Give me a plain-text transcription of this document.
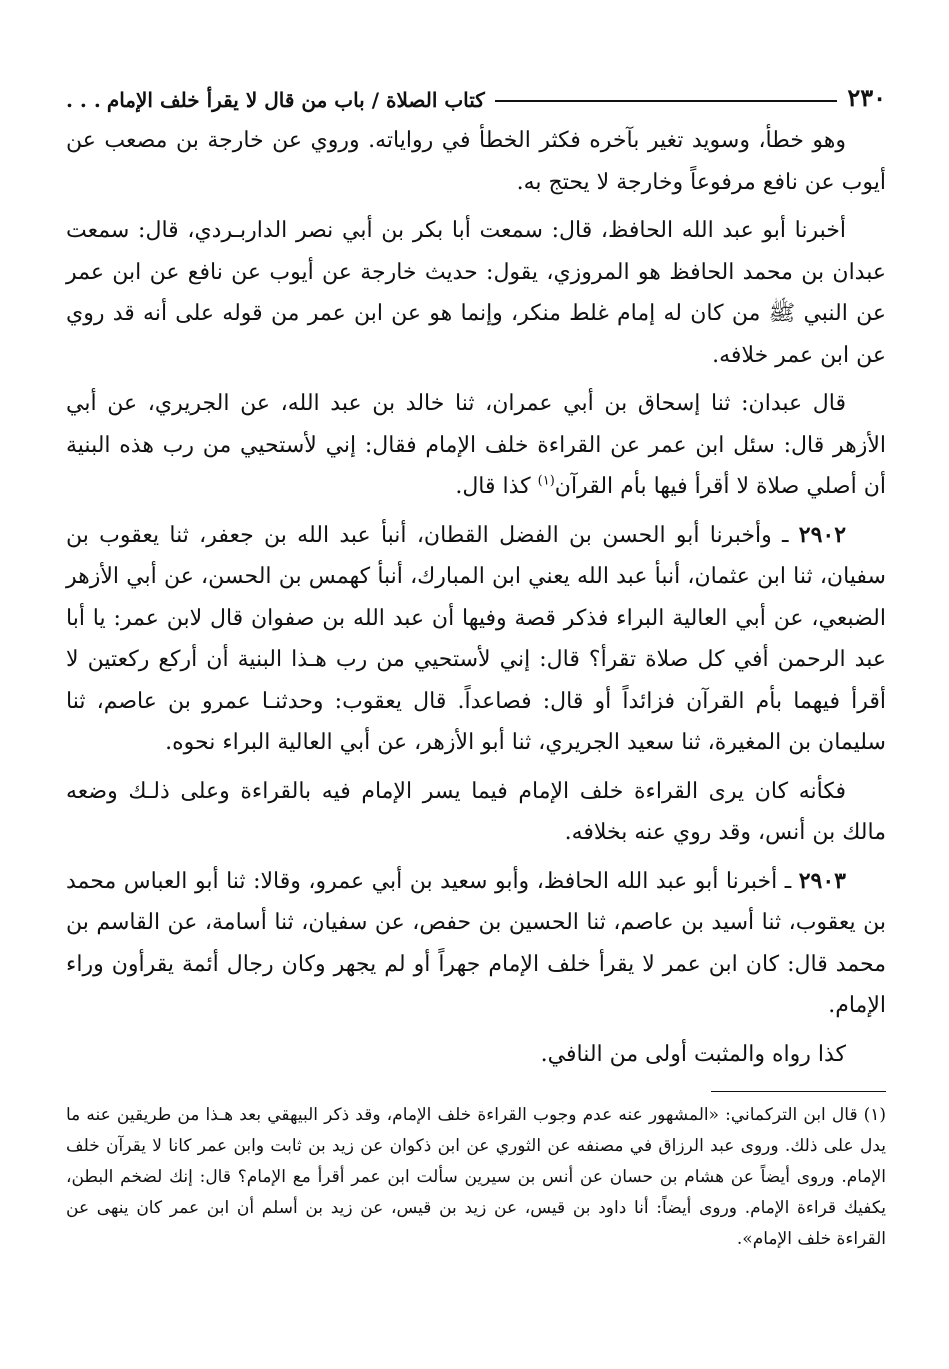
٢٣٠
كتاب الصلاة / باب من قال لا يقرأ خلف الإمام. . .

وهو خطأ، وسويد تغير بآخره فكثر الخطأ في رواياته. وروي عن خارجة بن مصعب عن أيوب عن نافع مرفوعاً وخارجة لا يحتج به.

أخبرنا أبو عبد الله الحافظ، قال: سمعت أبا بكر بن أبي نصر الداربـردي، قال: سمعت عبدان بن محمد الحافظ هو المروزي، يقول: حديث خارجة عن أيوب عن نافع عن ابن عمر عن النبي ﷺ من كان له إمام غلط منكر، وإنما هو عن ابن عمر من قوله على أنه قد روي عن ابن عمر خلافه.

قال عبدان: ثنا إسحاق بن أبي عمران، ثنا خالد بن عبد الله، عن الجريري، عن أبي الأزهر قال: سئل ابن عمر عن القراءة خلف الإمام فقال: إني لأستحيي من رب هذه البنية أن أصلي صلاة لا أقرأ فيها بأم القرآن$^{(١)}$ كذا قال.

٢٩٠٢ ـ وأخبرنا أبو الحسن بن الفضل القطان، أنبأ عبد الله بن جعفر، ثنا يعقوب بن سفيان، ثنا ابن عثمان، أنبأ عبد الله يعني ابن المبارك، أنبأ كهمس بن الحسن، عن أبي الأزهر الضبعي، عن أبي العالية البراء فذكر قصة وفيها أن عبد الله بن صفوان قال لابن عمر: يا أبا عبد الرحمن أفي كل صلاة تقرأ؟ قال: إني لأستحيي من رب هـذا البنية أن أركع ركعتين لا أقرأ فيهما بأم القرآن فزائداً أو قال: فصاعداً. قال يعقوب: وحدثنـا عمرو بن عاصم، ثنا سليمان بن المغيرة، ثنا سعيد الجريري، ثنا أبو الأزهر، عن أبي العالية البراء نحوه.

فكأنه كان يرى القراءة خلف الإمام فيما يسر الإمام فيه بالقراءة وعلى ذلـك وضعه مالك بن أنس، وقد روي عنه بخلافه.

٢٩٠٣ ـ أخبرنا أبو عبد الله الحافظ، وأبو سعيد بن أبي عمرو، وقالا: ثنا أبو العباس محمد بن يعقوب، ثنا أسيد بن عاصم، ثنا الحسين بن حفص، عن سفيان، ثنا أسامة، عن القاسم بن محمد قال: كان ابن عمر لا يقرأ خلف الإمام جهراً أو لم يجهر وكان رجال أئمة يقرأون وراء الإمام.

كذا رواه والمثبت أولى من النافي.

(١)قال ابن التركماني: «المشهور عنه عدم وجوب القراءة خلف الإمام، وقد ذكر البيهقي بعد هـذا من طريقين عنه ما يدل على ذلك. وروى عبد الرزاق في مصنفه عن الثوري عن ابن ذكوان عن زيد بن ثابت وابن عمر كانا لا يقرآن خلف الإمام. وروى أيضاً عن هشام بن حسان عن أنس بن سيرين سألت ابن عمر أقرأ مع الإمام؟ قال: إنك لضخم البطن، يكفيك قراءة الإمام. وروى أيضاً: أنا داود بن قيس، عن زيد بن قيس، عن زيد بن أسلم أن ابن عمر كان ينهى عن القراءة خلف الإمام».
